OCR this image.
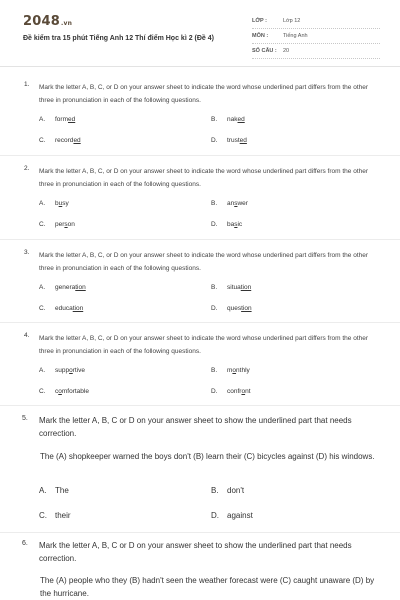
2048.vn
Đề kiểm tra 15 phút Tiếng Anh 12 Thí điểm Học kì 2 (Đề 4)
LỚP :	Lớp 12
MÔN :	Tiếng Anh
SỐ CÂU : 20
1. Mark the letter A, B, C, or D on your answer sheet to indicate the word whose underlined part differs from the other three in pronunciation in each of the following questions.
A. formed	B. naked
C. recorded	D. trusted
2. Mark the letter A, B, C, or D on your answer sheet to indicate the word whose underlined part differs from the other three in pronunciation in each of the following questions.
A. busy	B. answer
C. person	D. basic
3. Mark the letter A, B, C, or D on your answer sheet to indicate the word whose underlined part differs from the other three in pronunciation in each of the following questions.
A. generation	B. situation
C. education	D. question
4. Mark the letter A, B, C, or D on your answer sheet to indicate the word whose underlined part differs from the other three in pronunciation in each of the following questions.
A. supportive	B. monthly
C. comfortable	D. confront
5. Mark the letter A, B, C or D on your answer sheet to show the underlined part that needs correction.
The (A) shopkeeper warned the boys don't (B) learn their (C) bicycles against (D) his windows.
A. The	B. don't
C. their	D. against
6. Mark the letter A, B, C or D on your answer sheet to show the underlined part that needs correction.
The (A) people who they (B) hadn't seen the weather forecast were (C) caught unaware (D) by the hurricane.
